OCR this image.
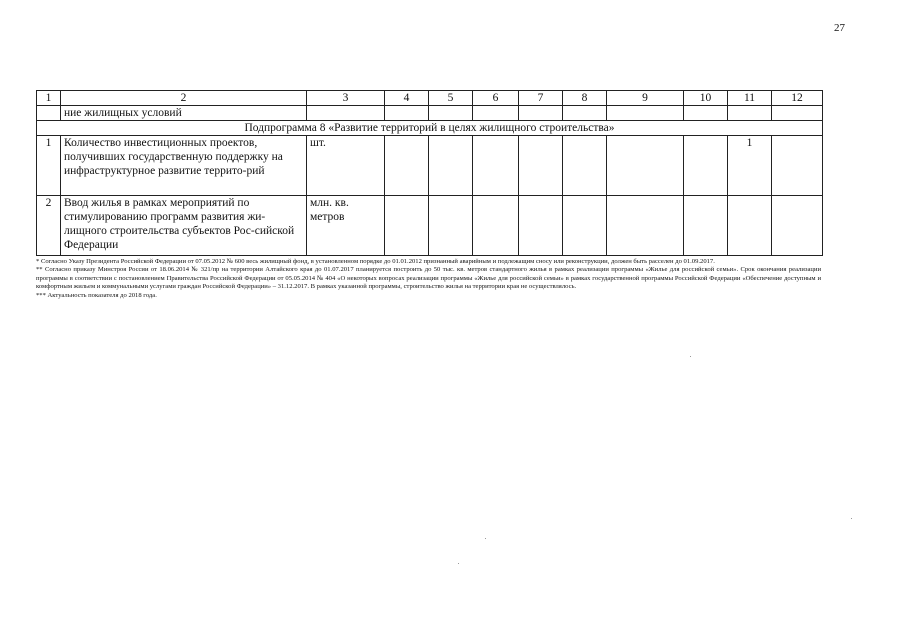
27
1	2	3	4	5	6	7	8	9	10	11	12
	ние жилищных условий										
Подпрограмма 8 «Развитие территорий в целях жилищного строительства»											
1	Количество инвестиционных проектов, получивших государственную поддержку на инфраструктурное развитие террито-рий	шт.								1	
2	Ввод жилья в рамках мероприятий по стимулированию программ развития жи-лищного строительства субъектов Рос-сийской Федерации	млн. кв. метров									

* Согласно Указу Президента Российской Федерации от 07.05.2012 № 600 весь жилищный фонд, в установленном порядке до 01.01.2012 признанный аварийным и подлежащим сносу или реконструкции, должен быть расселен до 01.09.2017.

** Согласно приказу Минстроя России от 18.06.2014 № 321/пр на территории Алтайского края до 01.07.2017 планируется построить до 50 тыс. кв. метров стандартного жилья в рамках реализации программы «Жилье для российской семьи». Срок окончания реализации программы в соответствии с постановлением Правительства Российской Федерации от 05.05.2014 № 404 «О некоторых вопросах реализации программы «Жилье для российской семьи» в рамках государственной программы Российской Федерации «Обеспечение доступным и комфортным жильем и коммунальными услугами граждан Российской Федерации» – 31.12.2017. В рамках указанной программы, строительство жилья на территории края не осуществлялось.

*** Актуальность показателя до 2018 года.
